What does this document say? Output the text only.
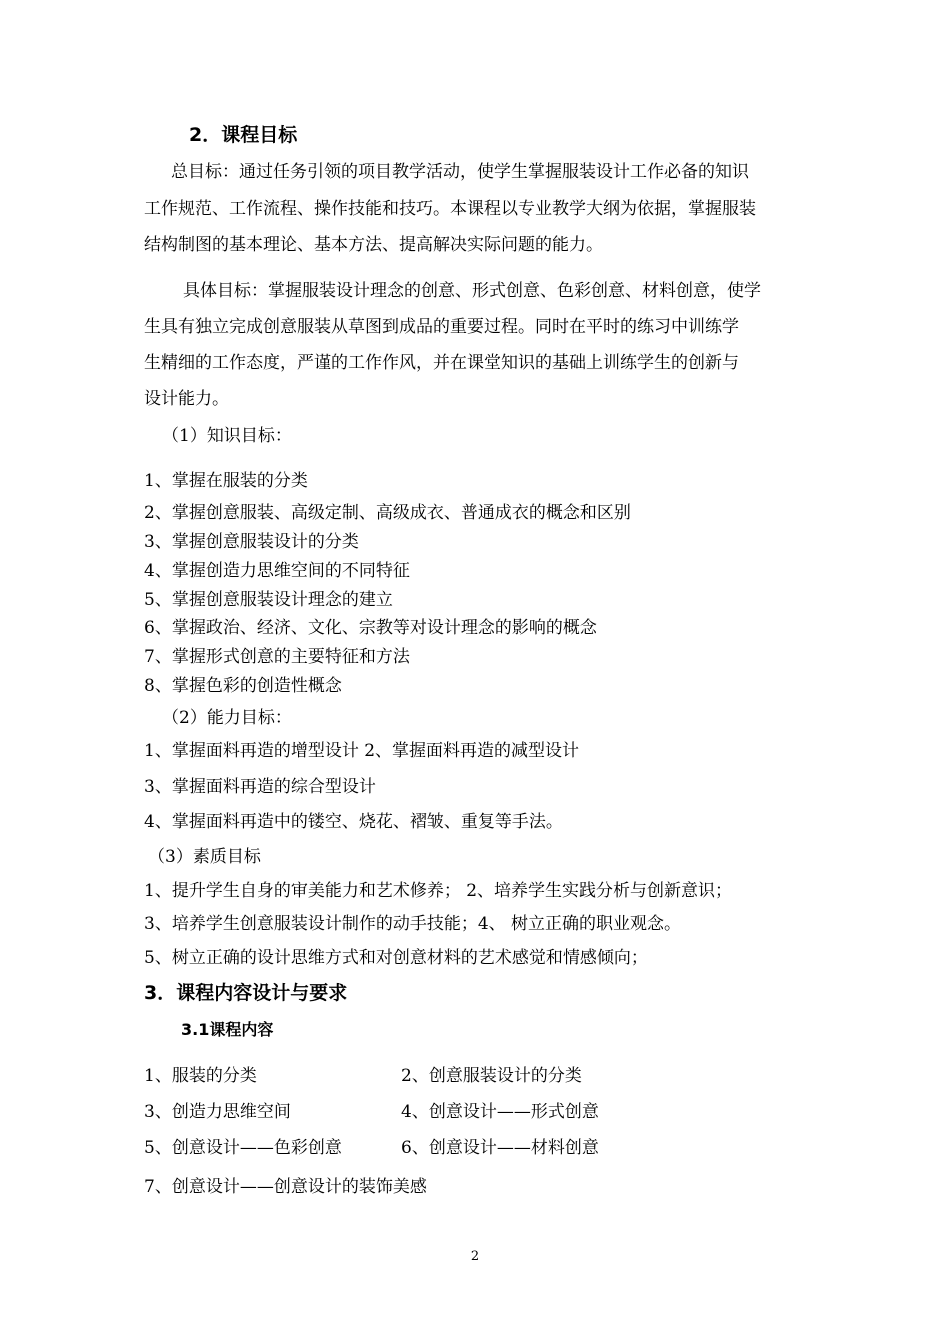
2．课程目标
总目标：通过任务引领的项目教学活动，使学生掌握服装设计工作必备的知识
工作规范、工作流程、操作技能和技巧。本课程以专业教学大纲为依据，掌握服装
结构制图的基本理论、基本方法、提高解决实际问题的能力。
具体目标：掌握服装设计理念的创意、形式创意、色彩创意、材料创意，使学
生具有独立完成创意服装从草图到成品的重要过程。同时在平时的练习中训练学
生精细的工作态度，严谨的工作作风，并在课堂知识的基础上训练学生的创新与
设计能力。
（1）知识目标：
1、掌握在服装的分类
2、掌握创意服装、高级定制、高级成衣、普通成衣的概念和区别
3、掌握创意服装设计的分类
4、掌握创造力思维空间的不同特征
5、掌握创意服装设计理念的建立
6、掌握政治、经济、文化、宗教等对设计理念的影响的概念
7、掌握形式创意的主要特征和方法
8、掌握色彩的创造性概念
（2）能力目标：
1、掌握面料再造的增型设计 2、掌握面料再造的减型设计
3、掌握面料再造的综合型设计
4、掌握面料再造中的镂空、烧花、褶皱、重复等手法。
（3）素质目标
1、提升学生自身的审美能力和艺术修养； 2、培养学生实践分析与创新意识；
3、培养学生创意服装设计制作的动手技能；4、 树立正确的职业观念。
5、树立正确的设计思维方式和对创意材料的艺术感觉和情感倾向；
3．课程内容设计与要求
3.1课程内容
1、服装的分类	2、创意服装设计的分类
3、创造力思维空间	4、创意设计——形式创意
5、创意设计——色彩创意	6、创意设计——材料创意
7、创意设计——创意设计的装饰美感
2
